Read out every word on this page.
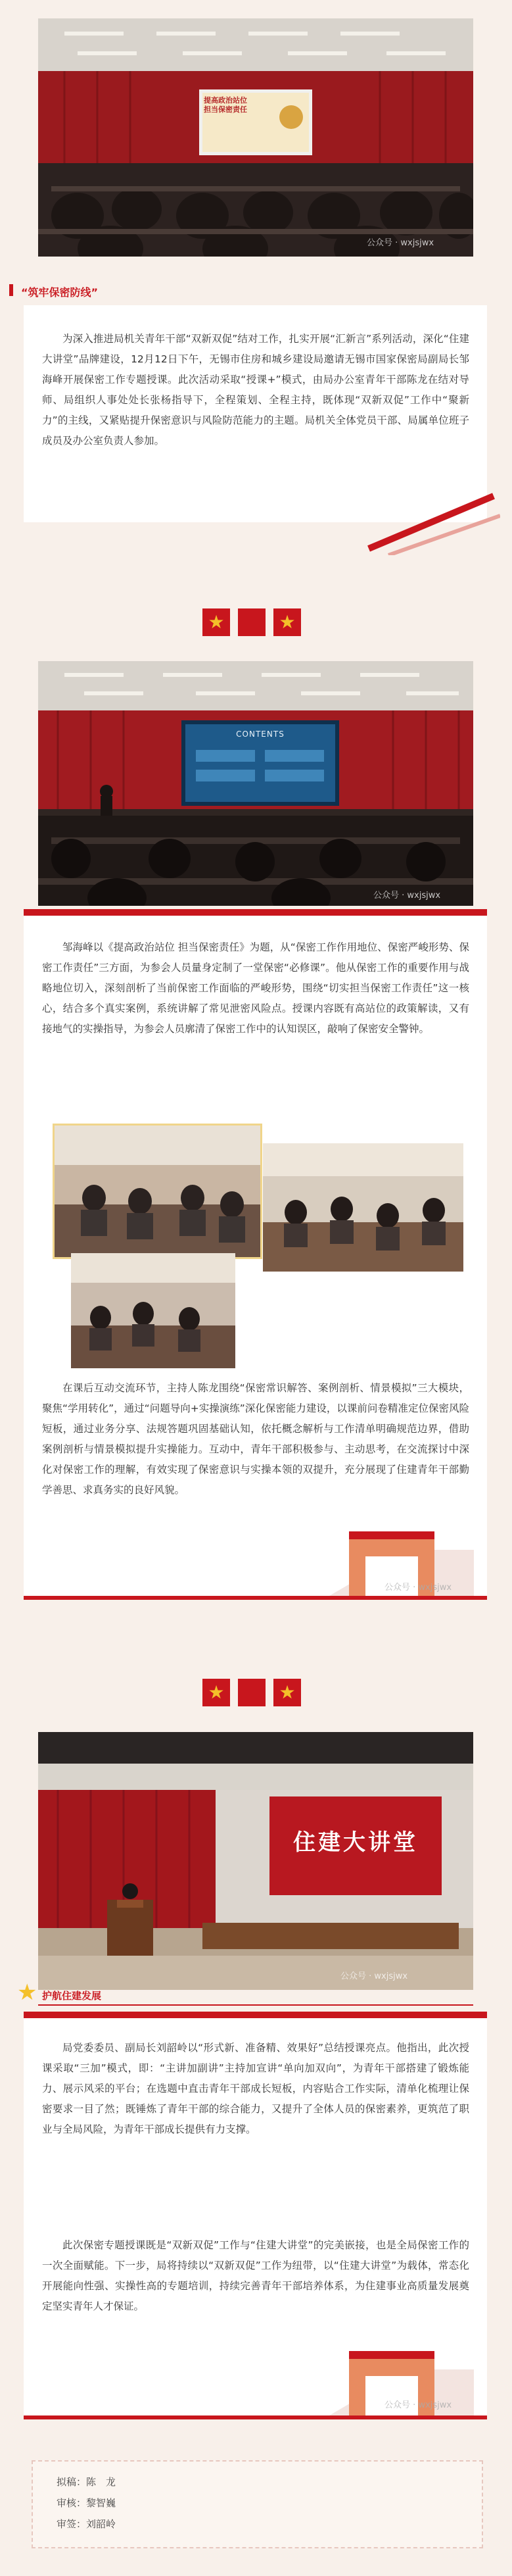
提高政治站位
担当保密责任
公众号 · wxjsjwx
“筑牢保密防线”

为深入推进局机关青年干部“双新双促”结对工作，扎实开展“汇新言”系列活动，深化“住建大讲堂”品牌建设，12月12日下午，无锡市住房和城乡建设局邀请无锡市国家保密局副局长邹海峰开展保密工作专题授课。此次活动采取“授课+”模式，由局办公室青年干部陈龙在结对导师、局组织人事处处长张杨指导下，全程策划、全程主持，既体现“双新双促”工作中“聚新力”的主线，又紧贴提升保密意识与风险防范能力的主题。局机关全体党员干部、局属单位班子成员及办公室负责人参加。

★	★
CONTENTS
公众号 · wxjsjwx

邹海峰以《提高政治站位 担当保密责任》为题，从“保密工作作用地位、保密严峻形势、保密工作责任”三方面，为参会人员量身定制了一堂保密“必修课”。他从保密工作的重要作用与战略地位切入，深刻剖析了当前保密工作面临的严峻形势，围绕“切实担当保密工作责任”这一核心，结合多个真实案例，系统讲解了常见泄密风险点。授课内容既有高站位的政策解读，又有接地气的实操指导，为参会人员廓清了保密工作中的认知误区，敲响了保密安全警钟。

在课后互动交流环节，主持人陈龙围绕“保密常识解答、案例剖析、情景模拟”三大模块，聚焦“学用转化”，通过“问题导向+实操演练”深化保密能力建设，以课前问卷精准定位保密风险短板，通过业务分享、法规答题巩固基础认知，依托概念解析与工作清单明确规范边界，借助案例剖析与情景模拟提升实操能力。互动中，青年干部积极参与、主动思考，在交流探讨中深化对保密工作的理解，有效实现了保密意识与实操本领的双提升，充分展现了住建青年干部勤学善思、求真务实的良好风貌。

公众号 · wxjsjwx
★	★
住建大讲堂
公众号 · wxjsjwx
★ 护航住建发展

局党委委员、副局长刘韶岭以“形式新、准备精、效果好”总结授课亮点。他指出，此次授课采取“三加”模式，即：“主讲加副讲”主持加宣讲“单向加双向”，为青年干部搭建了锻炼能力、展示风采的平台；在选题中直击青年干部成长短板，内容贴合工作实际，清单化梳理让保密要求一目了然；既锤炼了青年干部的综合能力，又提升了全体人员的保密素养，更筑范了职业与全局风险，为青年干部成长提供有力支撑。

此次保密专题授课既是“双新双促”工作与“住建大讲堂”的完美嵌接，也是全局保密工作的一次全面赋能。下一步，局将持续以“双新双促”工作为纽带，以“住建大讲堂”为载体，常态化开展能向性强、实操性高的专题培训，持续完善青年干部培养体系，为住建事业高质量发展奠定坚实青年人才保证。

公众号 · wxjsjwx
拟稿：陈　龙
审核：黎智巍
审签：刘韶岭
